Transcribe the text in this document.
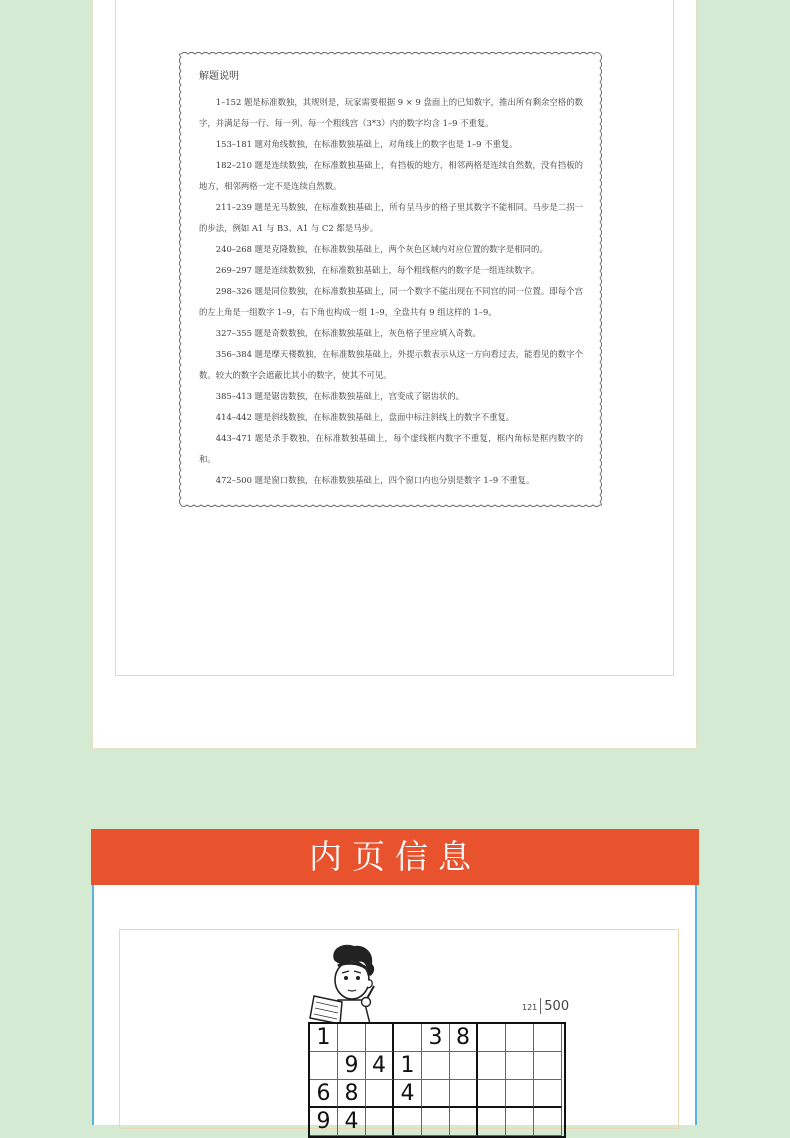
解题说明

1–152 题是标准数独，其规则是，玩家需要根据 9 × 9 盘面上的已知数字，推出所有剩余空格的数字，并满足每一行、每一列、每一个粗线宫（3*3）内的数字均含 1–9 不重复。

153–181 题对角线数独，在标准数独基础上，对角线上的数字也是 1–9 不重复。

182–210 题是连续数独，在标准数独基础上，有挡板的地方，相邻两格是连续自然数，没有挡板的地方，相邻两格一定不是连续自然数。

211–239 题是无马数独，在标准数独基础上，所有呈马步的格子里其数字不能相同。马步是二拐一的步法，例如 A1 与 B3、A1 与 C2 都是马步。

240–268 题是克隆数独，在标准数独基础上，两个灰色区域内对应位置的数字是相同的。

269–297 题是连续数数独，在标准数独基础上，每个粗线框内的数字是一组连续数字。

298–326 题是同位数独，在标准数独基础上，同一个数字不能出现在不同宫的同一位置。即每个宫的左上角是一组数字 1–9，右下角也构成一组 1–9，全盘共有 9 组这样的 1–9。

327–355 题是奇数数独，在标准数独基础上，灰色格子里应填入奇数。

356–384 题是摩天楼数独，在标准数独基础上，外提示数表示从这一方向看过去，能看见的数字个数。较大的数字会遮蔽比其小的数字，使其不可见。

385–413 题是锯齿数独，在标准数独基础上，宫变成了锯齿状的。

414–442 题是斜线数独，在标准数独基础上，盘面中标注斜线上的数字不重复。

443–471 题是杀手数独，在标准数独基础上，每个虚线框内数字不重复，框内角标是框内数字的和。

472–500 题是窗口数独，在标准数独基础上，四个窗口内也分别是数字 1–9 不重复。

内页信息
121 500
1	3 8
9 4 1
6 8	4
9 4
